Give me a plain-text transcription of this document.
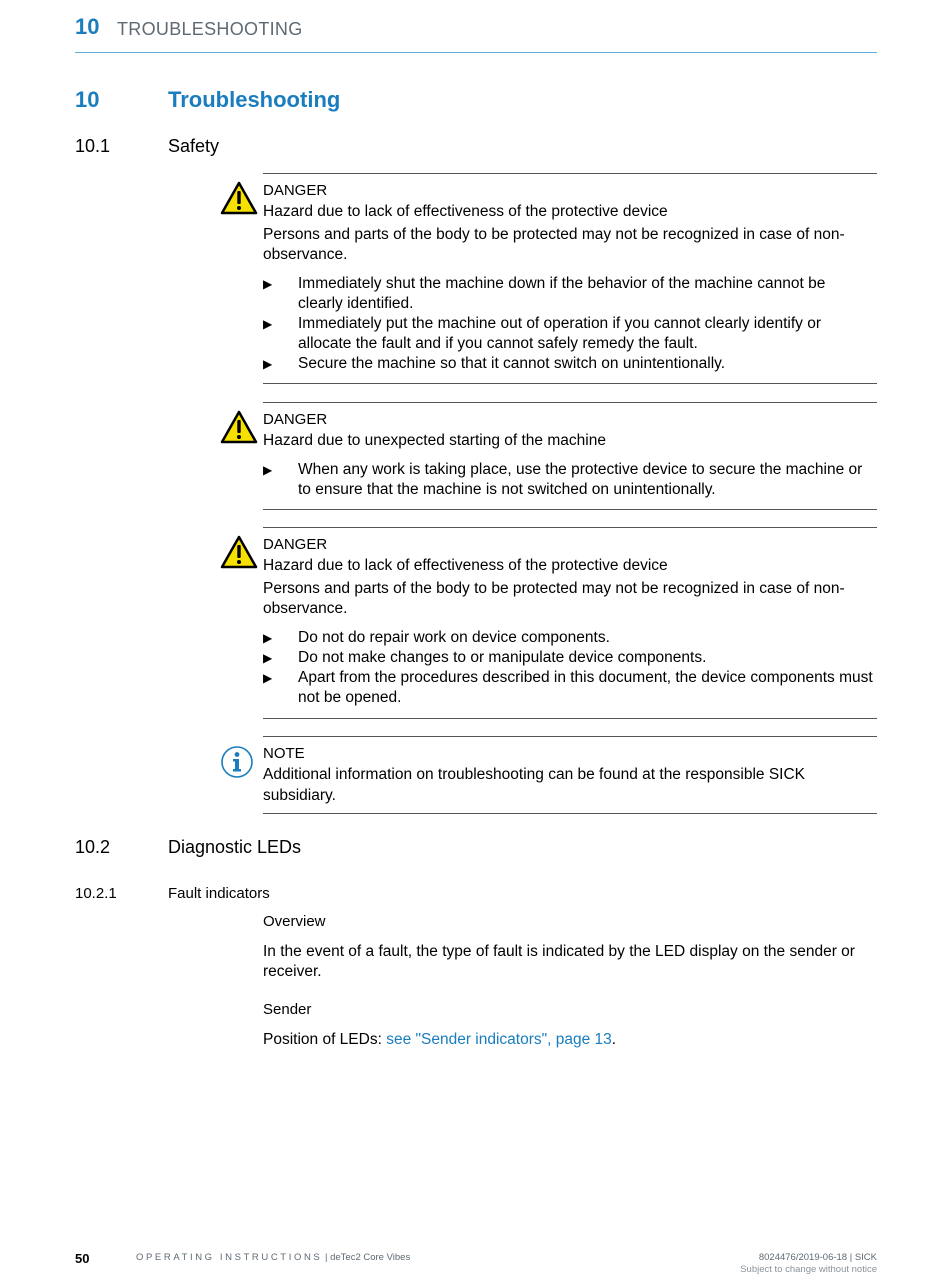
10 TROUBLESHOOTING
10	Troubleshooting
10.1	Safety
DANGER
Hazard due to lack of effectiveness of the protective device
Persons and parts of the body to be protected may not be recognized in case of non-observance.
▶ Immediately shut the machine down if the behavior of the machine cannot be clearly identified.
▶ Immediately put the machine out of operation if you cannot clearly identify or allocate the fault and if you cannot safely remedy the fault.
▶ Secure the machine so that it cannot switch on unintentionally.
DANGER
Hazard due to unexpected starting of the machine
▶ When any work is taking place, use the protective device to secure the machine or to ensure that the machine is not switched on unintentionally.
DANGER
Hazard due to lack of effectiveness of the protective device
Persons and parts of the body to be protected may not be recognized in case of non-observance.
▶ Do not do repair work on device components.
▶ Do not make changes to or manipulate device components.
▶ Apart from the procedures described in this document, the device components must not be opened.
NOTE
Additional information on troubleshooting can be found at the responsible SICK subsidiary.
10.2	Diagnostic LEDs
10.2.1	Fault indicators
Overview
In the event of a fault, the type of fault is indicated by the LED display on the sender or receiver.
Sender
Position of LEDs: see "Sender indicators", page 13.
50	OPERATING INSTRUCTIONS | deTec2 Core Vibes	8024476/2019-06-18 | SICK
Subject to change without notice
